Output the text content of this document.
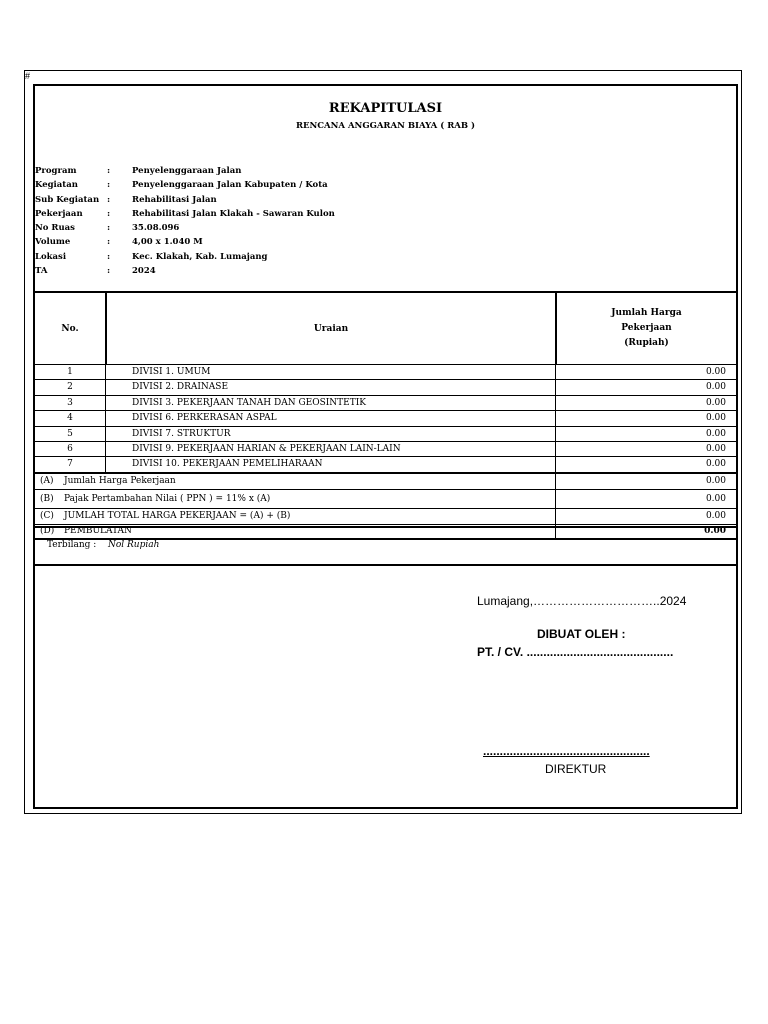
#
REKAPITULASI
RENCANA ANGGARAN BIAYA ( RAB )
Program	:	Penyelenggaraan Jalan
Kegiatan	:	Penyelenggaraan Jalan Kabupaten / Kota
Sub Kegiatan :	Rehabilitasi Jalan
Pekerjaan	:	Rehabilitasi Jalan Klakah - Sawaran Kulon
No Ruas	:	35.08.096
Volume	:	4,00 x 1.040 M
Lokasi	:	Kec. Klakah, Kab. Lumajang
TA	:	2024
No.	Uraian
Jumlah Harga
Pekerjaan
(Rupiah)
1	DIVISI 1. UMUM	0.00
2	DIVISI 2. DRAINASE	0.00
3	DIVISI 3. PEKERJAAN TANAH DAN GEOSINTETIK	0.00
4	DIVISI 6. PERKERASAN ASPAL	0.00
5	DIVISI 7. STRUKTUR	0.00
6	DIVISI 9. PEKERJAAN HARIAN & PEKERJAAN LAIN-LAIN	0.00
7	DIVISI 10. PEKERJAAN PEMELIHARAAN	0.00
(A) Jumlah Harga Pekerjaan	0.00
(B) Pajak Pertambahan Nilai ( PPN ) = 11% x (A)	0.00
(C) JUMLAH TOTAL HARGA PEKERJAAN = (A) + (B)	0.00
(D) PEMBULATAN	0.00
Terbilang : Nol Rupiah
Lumajang,…………………………..2024
DIBUAT OLEH :
PT. / CV. ............................................
..................................................
DIREKTUR
